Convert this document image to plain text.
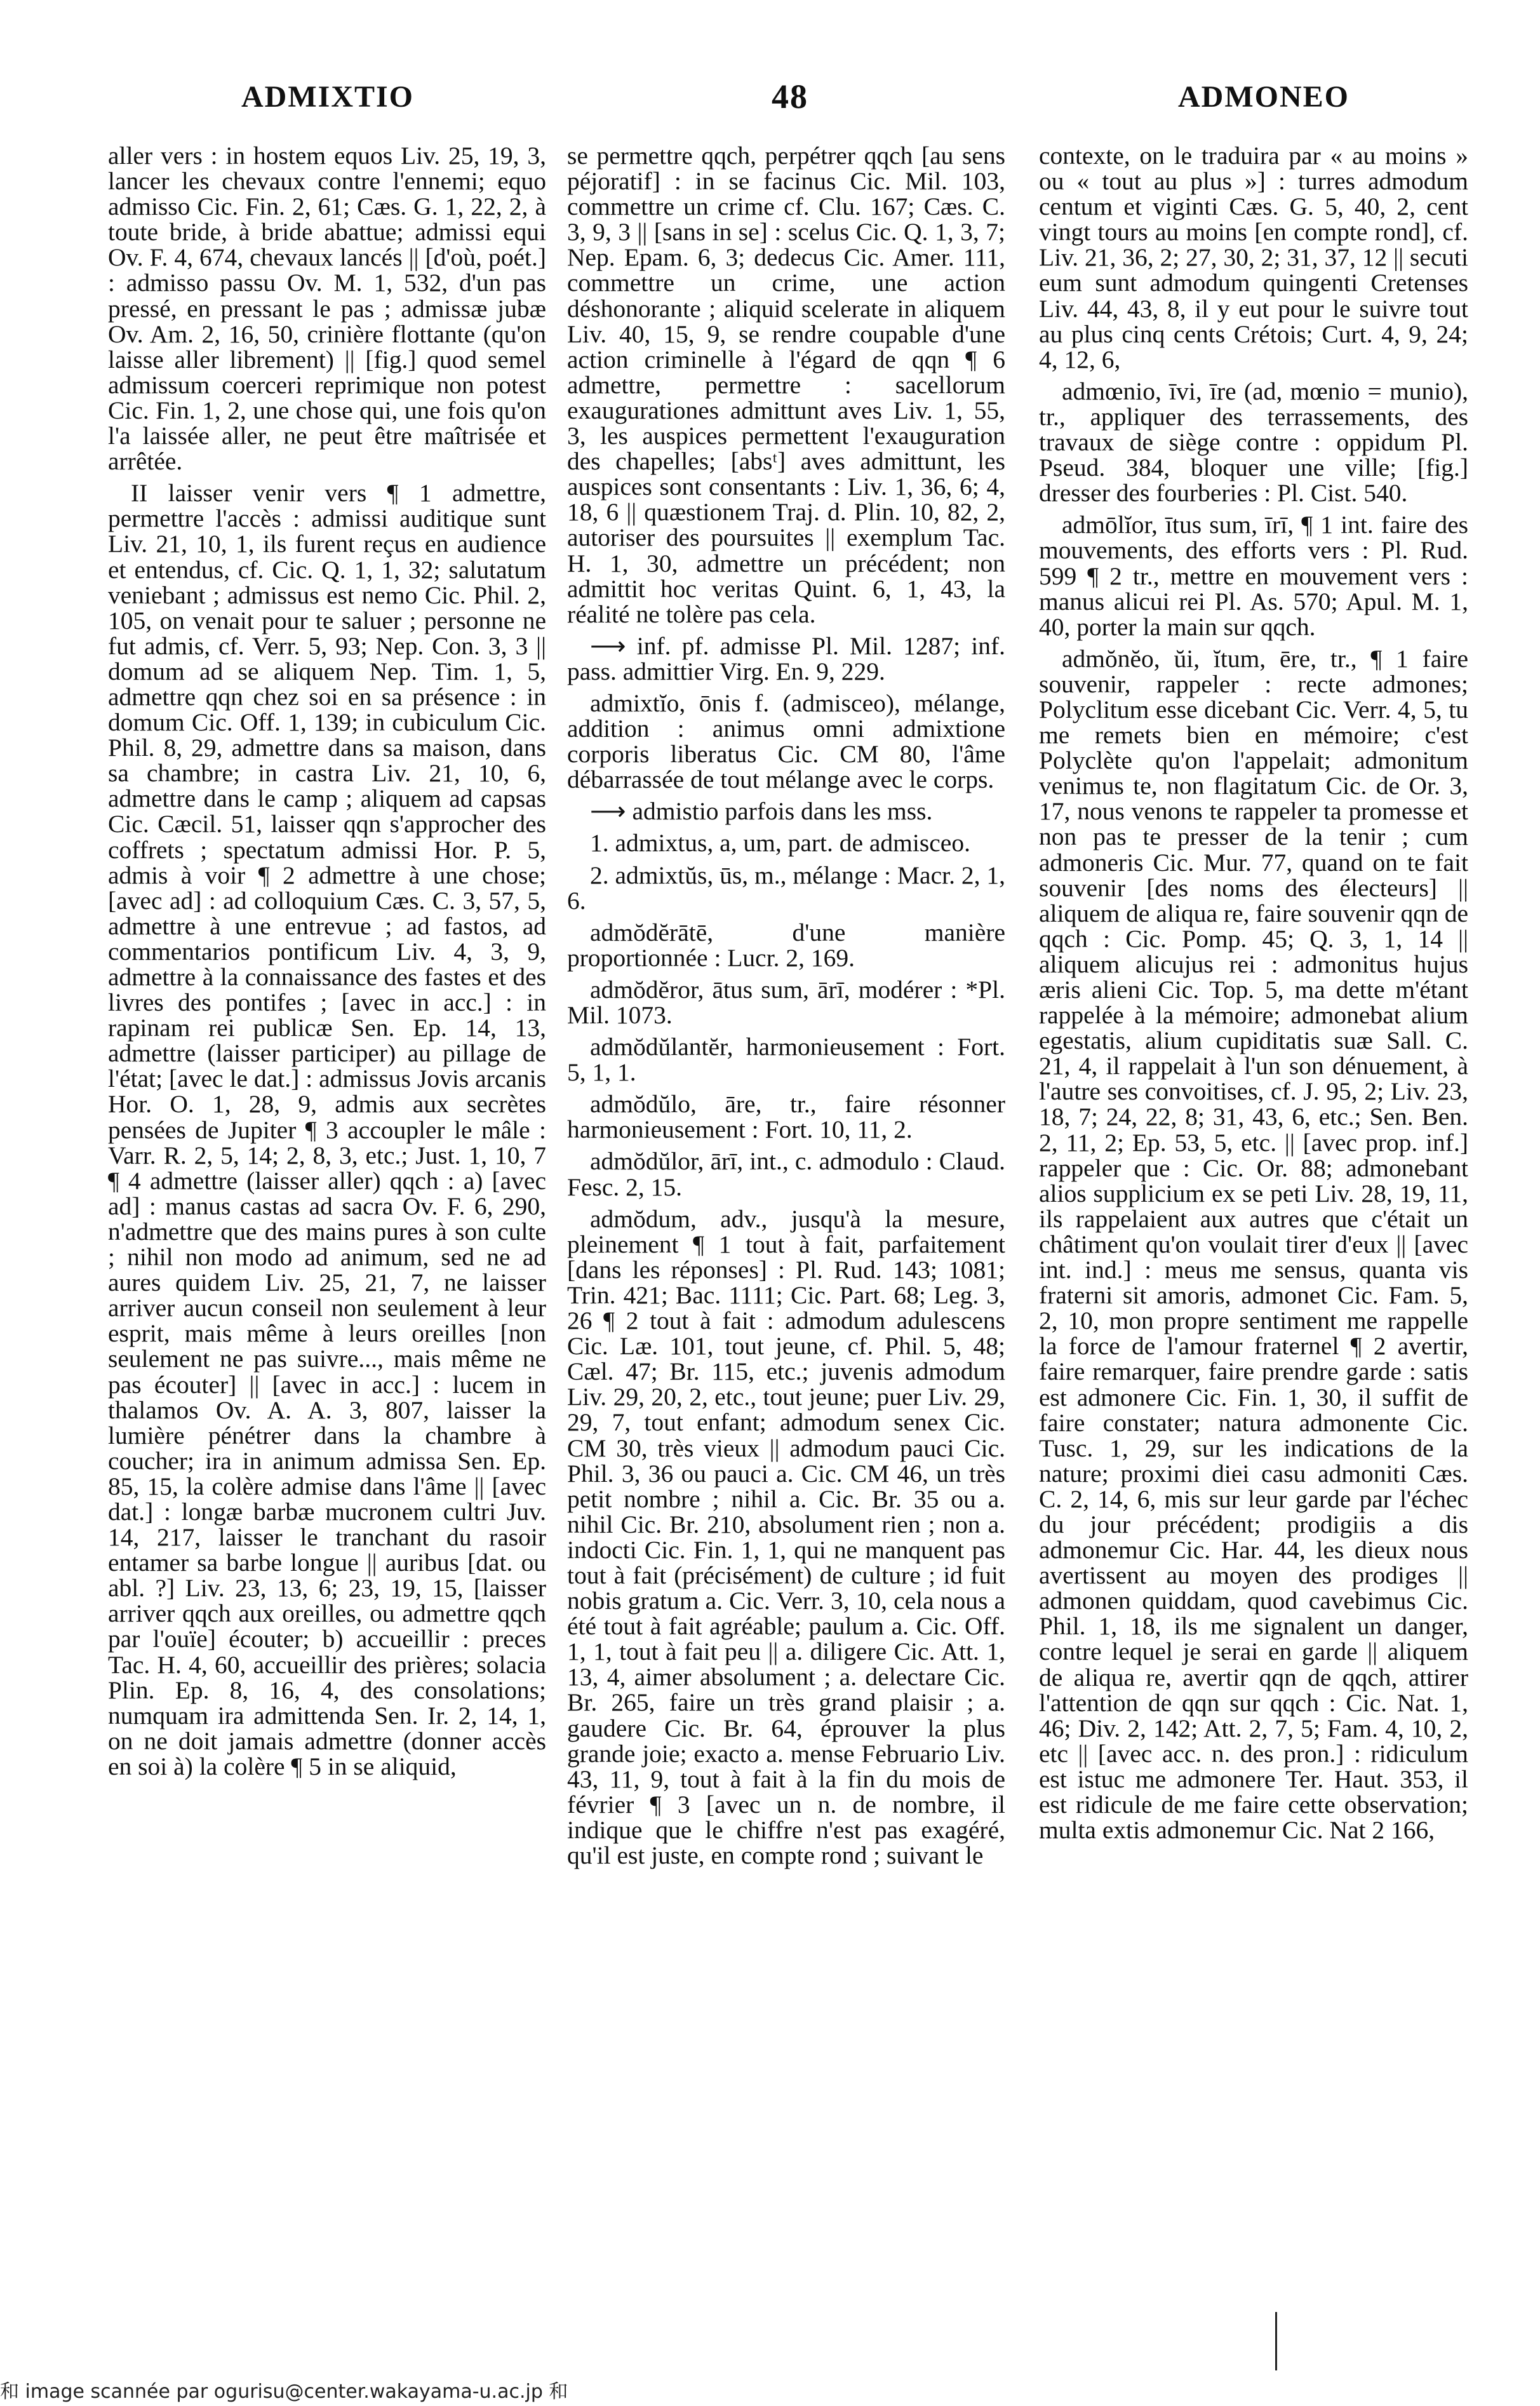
ADMIXTIO	48	ADMONEO

aller vers : in hostem equos Liv. 25, 19, 3, lancer les chevaux contre l'ennemi; equo admisso Cic. Fin. 2, 61; Cæs. G. 1, 22, 2, à toute bride, à bride abattue; admissi equi Ov. F. 4, 674, chevaux lancés || [d'où, poét.] : admisso passu Ov. M. 1, 532, d'un pas pressé, en pressant le pas ; admissæ jubæ Ov. Am. 2, 16, 50, crinière flottante (qu'on laisse aller librement) || [fig.] quod semel admissum coerceri reprimique non potest Cic. Fin. 1, 2, une chose qui, une fois qu'on l'a laissée aller, ne peut être maîtrisée et arrêtée.

II laisser venir vers ¶ 1 admettre, permettre l'accès : admissi auditique sunt Liv. 21, 10, 1, ils furent reçus en audience et entendus, cf. Cic. Q. 1, 1, 32; salutatum veniebant ; admissus est nemo Cic. Phil. 2, 105, on venait pour te saluer ; personne ne fut admis, cf. Verr. 5, 93; Nep. Con. 3, 3 || domum ad se aliquem Nep. Tim. 1, 5, admettre qqn chez soi en sa présence : in domum Cic. Off. 1, 139; in cubiculum Cic. Phil. 8, 29, admettre dans sa maison, dans sa chambre; in castra Liv. 21, 10, 6, admettre dans le camp ; aliquem ad capsas Cic. Cæcil. 51, laisser qqn s'approcher des coffrets ; spectatum admissi Hor. P. 5, admis à voir ¶ 2 admettre à une chose; [avec ad] : ad colloquium Cæs. C. 3, 57, 5, admettre à une entrevue ; ad fastos, ad commentarios pontificum Liv. 4, 3, 9, admettre à la connaissance des fastes et des livres des pontifes ; [avec in acc.] : in rapinam rei publicæ Sen. Ep. 14, 13, admettre (laisser participer) au pillage de l'état; [avec le dat.] : admissus Jovis arcanis Hor. O. 1, 28, 9, admis aux secrètes pensées de Jupiter ¶ 3 accoupler le mâle : Varr. R. 2, 5, 14; 2, 8, 3, etc.; Just. 1, 10, 7 ¶ 4 admettre (laisser aller) qqch : a) [avec ad] : manus castas ad sacra Ov. F. 6, 290, n'admettre que des mains pures à son culte ; nihil non modo ad animum, sed ne ad aures quidem Liv. 25, 21, 7, ne laisser arriver aucun conseil non seulement à leur esprit, mais même à leurs oreilles [non seulement ne pas suivre..., mais même ne pas écouter] || [avec in acc.] : lucem in thalamos Ov. A. A. 3, 807, laisser la lumière pénétrer dans la chambre à coucher; ira in animum admissa Sen. Ep. 85, 15, la colère admise dans l'âme || [avec dat.] : longæ barbæ mucronem cultri Juv. 14, 217, laisser le tranchant du rasoir entamer sa barbe longue || auribus [dat. ou abl. ?] Liv. 23, 13, 6; 23, 19, 15, [laisser arriver qqch aux oreilles, ou admettre qqch par l'ouïe] écouter; b) accueillir : preces Tac. H. 4, 60, accueillir des prières; solacia Plin. Ep. 8, 16, 4, des consolations; numquam ira admittenda Sen. Ir. 2, 14, 1, on ne doit jamais admettre (donner accès en soi à) la colère ¶ 5 in se aliquid,

se permettre qqch, perpétrer qqch [au sens péjoratif] : in se facinus Cic. Mil. 103, commettre un crime cf. Clu. 167; Cæs. C. 3, 9, 3 || [sans in se] : scelus Cic. Q. 1, 3, 7; Nep. Epam. 6, 3; dedecus Cic. Amer. 111, commettre un crime, une action déshonorante ; aliquid scelerate in aliquem Liv. 40, 15, 9, se rendre coupable d'une action criminelle à l'égard de qqn ¶ 6 admettre, permettre : sacellorum exaugurationes admittunt aves Liv. 1, 55, 3, les auspices permettent l'exauguration des chapelles; [absᵗ] aves admittunt, les auspices sont consentants : Liv. 1, 36, 6; 4, 18, 6 || quæstionem Traj. d. Plin. 10, 82, 2, autoriser des poursuites || exemplum Tac. H. 1, 30, admettre un précédent; non admittit hoc veritas Quint. 6, 1, 43, la réalité ne tolère pas cela.

⟶ inf. pf. admisse Pl. Mil. 1287; inf. pass. admittier Virg. En. 9, 229.

admixtĭo, ōnis f. (admisceo), mélange, addition : animus omni admixtione corporis liberatus Cic. CM 80, l'âme débarrassée de tout mélange avec le corps.

⟶ admistio parfois dans les mss.

1. admixtus, a, um, part. de admisceo.

2. admixtŭs, ūs, m., mélange : Macr. 2, 1, 6.

admŏdĕrātē, d'une manière proportionnée : Lucr. 2, 169.

admŏdĕror, ātus sum, ārī, modérer : *Pl. Mil. 1073.

admŏdŭlantĕr, harmonieusement : Fort. 5, 1, 1.

admŏdŭlo, āre, tr., faire résonner harmonieusement : Fort. 10, 11, 2.

admŏdŭlor, ārī, int., c. admodulo : Claud. Fesc. 2, 15.

admŏdum, adv., jusqu'à la mesure, pleinement ¶ 1 tout à fait, parfaitement [dans les réponses] : Pl. Rud. 143; 1081; Trin. 421; Bac. 1111; Cic. Part. 68; Leg. 3, 26 ¶ 2 tout à fait : admodum adulescens Cic. Læ. 101, tout jeune, cf. Phil. 5, 48; Cæl. 47; Br. 115, etc.; juvenis admodum Liv. 29, 20, 2, etc., tout jeune; puer Liv. 29, 29, 7, tout enfant; admodum senex Cic. CM 30, très vieux || admodum pauci Cic. Phil. 3, 36 ou pauci a. Cic. CM 46, un très petit nombre ; nihil a. Cic. Br. 35 ou a. nihil Cic. Br. 210, absolument rien ; non a. indocti Cic. Fin. 1, 1, qui ne manquent pas tout à fait (précisément) de culture ; id fuit nobis gratum a. Cic. Verr. 3, 10, cela nous a été tout à fait agréable; paulum a. Cic. Off. 1, 1, tout à fait peu || a. diligere Cic. Att. 1, 13, 4, aimer absolument ; a. delectare Cic. Br. 265, faire un très grand plaisir ; a. gaudere Cic. Br. 64, éprouver la plus grande joie; exacto a. mense Februario Liv. 43, 11, 9, tout à fait à la fin du mois de février ¶ 3 [avec un n. de nombre, il indique que le chiffre n'est pas exagéré, qu'il est juste, en compte rond ; suivant le

contexte, on le traduira par « au moins » ou « tout au plus »] : turres admodum centum et viginti Cæs. G. 5, 40, 2, cent vingt tours au moins [en compte rond], cf. Liv. 21, 36, 2; 27, 30, 2; 31, 37, 12 || secuti eum sunt admodum quingenti Cretenses Liv. 44, 43, 8, il y eut pour le suivre tout au plus cinq cents Crétois; Curt. 4, 9, 24; 4, 12, 6,

admœnio, īvi, īre (ad, mœnio = munio), tr., appliquer des terrassements, des travaux de siège contre : oppidum Pl. Pseud. 384, bloquer une ville; [fig.] dresser des fourberies : Pl. Cist. 540.

admōlĭor, ītus sum, īrī, ¶ 1 int. faire des mouvements, des efforts vers : Pl. Rud. 599 ¶ 2 tr., mettre en mouvement vers : manus alicui rei Pl. As. 570; Apul. M. 1, 40, porter la main sur qqch.

admŏnĕo, ŭi, ĭtum, ēre, tr., ¶ 1 faire souvenir, rappeler : recte admones; Polyclitum esse dicebant Cic. Verr. 4, 5, tu me remets bien en mémoire; c'est Polyclète qu'on l'appelait; admonitum venimus te, non flagitatum Cic. de Or. 3, 17, nous venons te rappeler ta promesse et non pas te presser de la tenir ; cum admoneris Cic. Mur. 77, quand on te fait souvenir [des noms des électeurs] || aliquem de aliqua re, faire souvenir qqn de qqch : Cic. Pomp. 45; Q. 3, 1, 14 || aliquem alicujus rei : admonitus hujus æris alieni Cic. Top. 5, ma dette m'étant rappelée à la mémoire; admonebat alium egestatis, alium cupiditatis suæ Sall. C. 21, 4, il rappelait à l'un son dénuement, à l'autre ses convoitises, cf. J. 95, 2; Liv. 23, 18, 7; 24, 22, 8; 31, 43, 6, etc.; Sen. Ben. 2, 11, 2; Ep. 53, 5, etc. || [avec prop. inf.] rappeler que : Cic. Or. 88; admonebant alios supplicium ex se peti Liv. 28, 19, 11, ils rappelaient aux autres que c'était un châtiment qu'on voulait tirer d'eux || [avec int. ind.] : meus me sensus, quanta vis fraterni sit amoris, admonet Cic. Fam. 5, 2, 10, mon propre sentiment me rappelle la force de l'amour fraternel ¶ 2 avertir, faire remarquer, faire prendre garde : satis est admonere Cic. Fin. 1, 30, il suffit de faire constater; natura admonente Cic. Tusc. 1, 29, sur les indications de la nature; proximi diei casu admoniti Cæs. C. 2, 14, 6, mis sur leur garde par l'échec du jour précédent; prodigiis a dis admonemur Cic. Har. 44, les dieux nous avertissent au moyen des prodiges || admonen quiddam, quod cavebimus Cic. Phil. 1, 18, ils me signalent un danger, contre lequel je serai en garde || aliquem de aliqua re, avertir qqn de qqch, attirer l'attention de qqn sur qqch : Cic. Nat. 1, 46; Div. 2, 142; Att. 2, 7, 5; Fam. 4, 10, 2, etc || [avec acc. n. des pron.] : ridiculum est istuc me admonere Ter. Haut. 353, il est ridicule de me faire cette observation; multa extis admonemur Cic. Nat 2 166,

和 image scannée par ogurisu@center.wakayama-u.ac.jp 和
